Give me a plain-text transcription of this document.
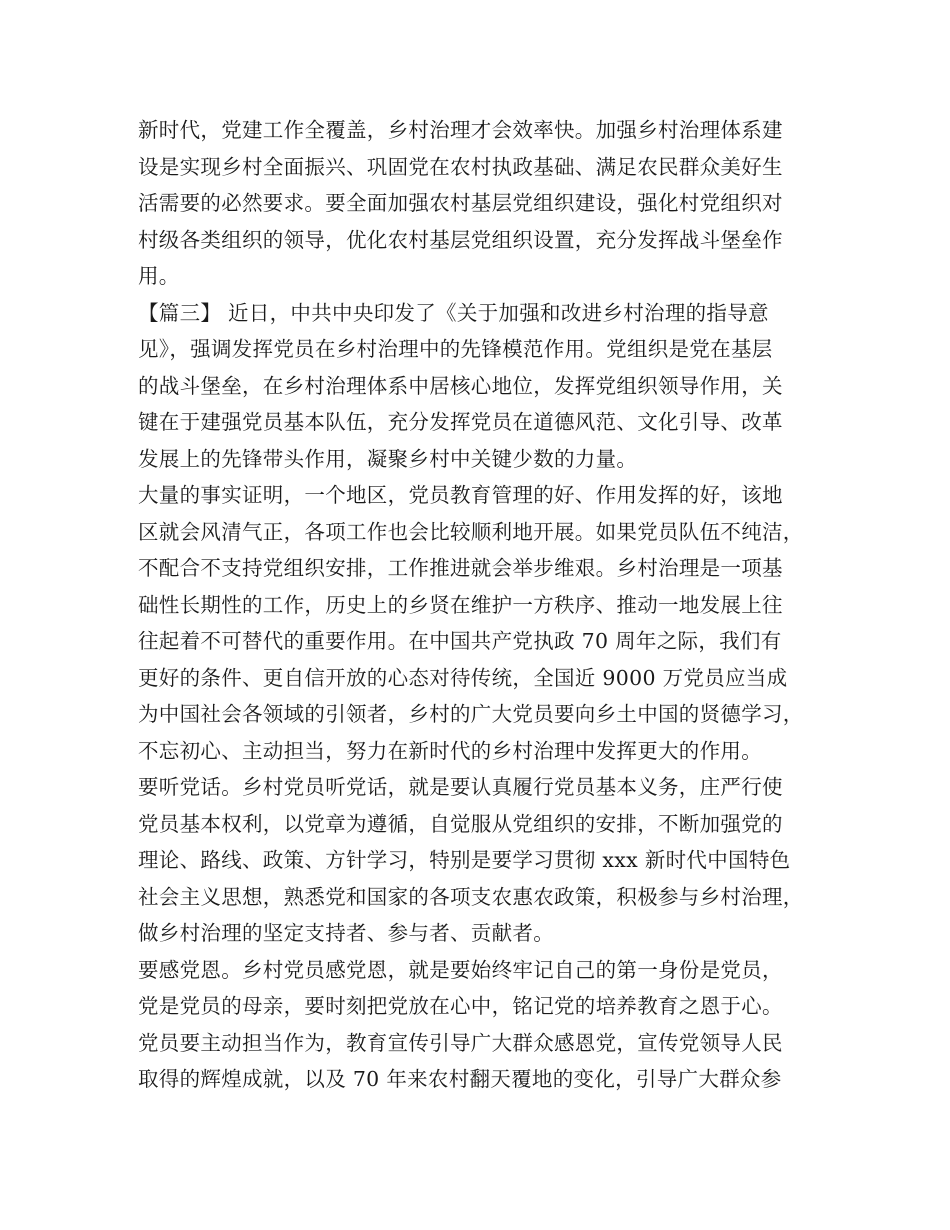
新时代，党建工作全覆盖，乡村治理才会效率快。加强乡村治理体系建
设是实现乡村全面振兴、巩固党在农村执政基础、满足农民群众美好生
活需要的必然要求。要全面加强农村基层党组织建设，强化村党组织对
村级各类组织的领导，优化农村基层党组织设置，充分发挥战斗堡垒作
用。
【篇三】 近日，中共中央印发了《关于加强和改进乡村治理的指导意
见》，强调发挥党员在乡村治理中的先锋模范作用。党组织是党在基层
的战斗堡垒，在乡村治理体系中居核心地位，发挥党组织领导作用，关
键在于建强党员基本队伍，充分发挥党员在道德风范、文化引导、改革
发展上的先锋带头作用，凝聚乡村中关键少数的力量。
大量的事实证明，一个地区，党员教育管理的好、作用发挥的好，该地
区就会风清气正，各项工作也会比较顺利地开展。如果党员队伍不纯洁，
不配合不支持党组织安排，工作推进就会举步维艰。乡村治理是一项基
础性长期性的工作，历史上的乡贤在维护一方秩序、推动一地发展上往
往起着不可替代的重要作用。在中国共产党执政 70 周年之际，我们有
更好的条件、更自信开放的心态对待传统，全国近 9000 万党员应当成
为中国社会各领域的引领者，乡村的广大党员要向乡土中国的贤德学习，
不忘初心、主动担当，努力在新时代的乡村治理中发挥更大的作用。
要听党话。乡村党员听党话，就是要认真履行党员基本义务，庄严行使
党员基本权利，以党章为遵循，自觉服从党组织的安排，不断加强党的
理论、路线、政策、方针学习，特别是要学习贯彻 xxx 新时代中国特色
社会主义思想，熟悉党和国家的各项支农惠农政策，积极参与乡村治理，
做乡村治理的坚定支持者、参与者、贡献者。
要感党恩。乡村党员感党恩，就是要始终牢记自己的第一身份是党员，
党是党员的母亲，要时刻把党放在心中，铭记党的培养教育之恩于心。
党员要主动担当作为，教育宣传引导广大群众感恩党，宣传党领导人民
取得的辉煌成就，以及 70 年来农村翻天覆地的变化，引导广大群众参
